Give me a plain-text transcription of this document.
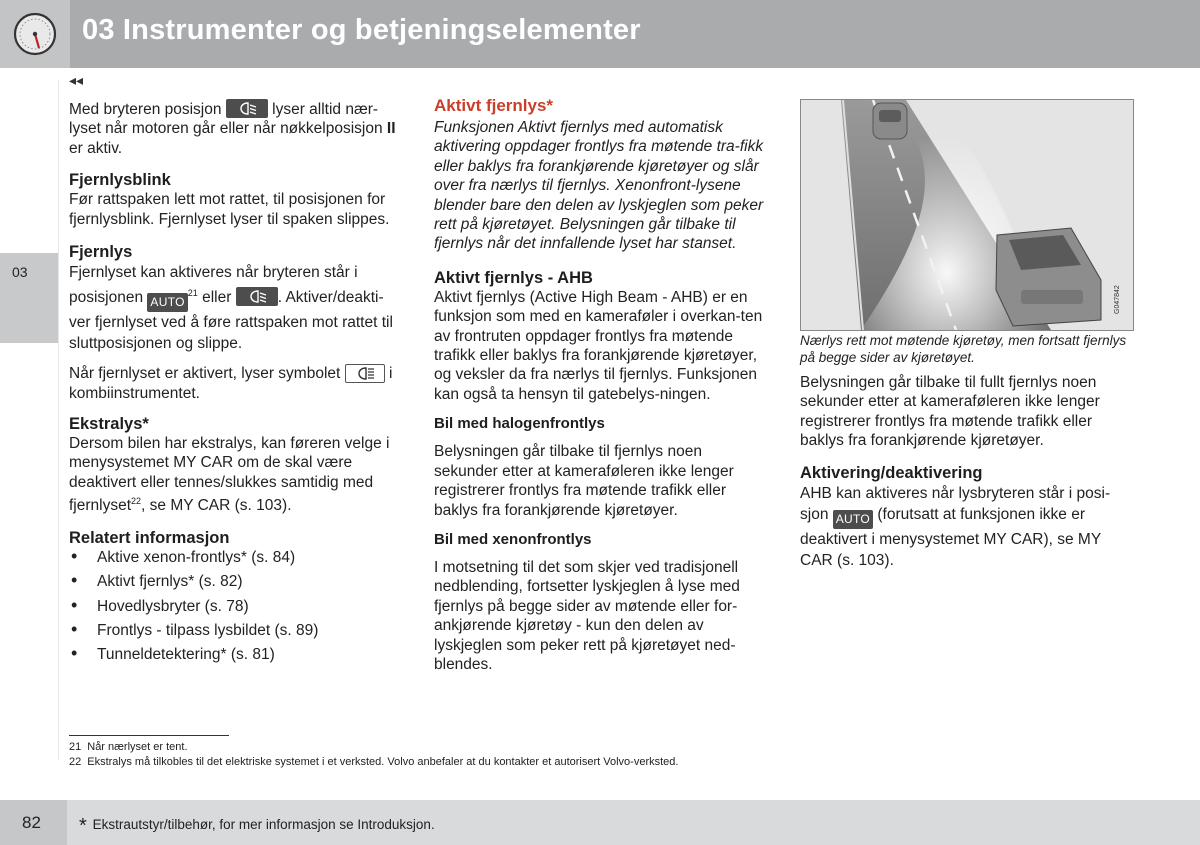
03 Instrumenter og betjeningselementer
◂◂
03

Med bryteren posisjon	lyser alltid nær-lyset når motoren går eller når nøkkelposisjon II er aktiv.

Fjernlysblink

Før rattspaken lett mot rattet, til posisjonen for fjernlysblink. Fjernlyset lyser til spaken slippes.

Fjernlys

Fjernlyset kan aktiveres når bryteren står i posisjonen AUTO$^{21}$ eller	. Aktiver/deakti-ver fjernlyset ved å føre rattspaken mot rattet til sluttposisjonen og slippe.

Når fjernlyset er aktivert, lyser symbolet	i kombiinstrumentet.

Ekstralys*

Dersom bilen har ekstralys, kan føreren velge i menysystemet MY CAR om de skal være deaktivert eller tennes/slukkes samtidig med fjernlyset$^{22}$, se MY CAR (s. 103).

Relatert informasjon
• Aktive xenon-frontlys* (s. 84)
• Aktivt fjernlys* (s. 82)
• Hovedlysbryter (s. 78)
• Frontlys - tilpass lysbildet (s. 89)
• Tunneldetektering* (s. 81)
Aktivt fjernlys*

Funksjonen Aktivt fjernlys med automatisk aktivering oppdager frontlys fra møtende tra-fikk eller baklys fra forankjørende kjøretøyer og slår over fra nærlys til fjernlys. Xenonfront-lysene blender bare den delen av lyskjeglen som peker rett på kjøretøyet. Belysningen går tilbake til fjernlys når det innfallende lyset har stanset.

Aktivt fjernlys - AHB

Aktivt fjernlys (Active High Beam - AHB) er en funksjon som med en kameraføler i overkan-ten av frontruten oppdager frontlys fra møtende trafikk eller baklys fra forankjørende kjøretøyer, og veksler da fra nærlys til fjernlys. Funksjonen kan også ta hensyn til gatebelys-ningen.

Bil med halogenfrontlys

Belysningen går tilbake til fjernlys noen sekunder etter at kameraføleren ikke lenger registrerer frontlys fra møtende trafikk eller baklys fra forankjørende kjøretøyer.

Bil med xenonfrontlys

I motsetning til det som skjer ved tradisjonell nedblending, fortsetter lyskjeglen å lyse med fjernlys på begge sider av møtende eller for-ankjørende kjøretøy - kun den delen av lyskjeglen som peker rett på kjøretøyet ned-blendes.

G047842

Nærlys rett mot møtende kjøretøy, men fortsatt fjernlys på begge sider av kjøretøyet.

Belysningen går tilbake til fullt fjernlys noen sekunder etter at kameraføleren ikke lenger registrerer frontlys fra møtende trafikk eller baklys fra forankjørende kjøretøyer.

Aktivering/deaktivering

AHB kan aktiveres når lysbryteren står i posi-sjon AUTO (forutsatt at funksjonen ikke er deaktivert i menysystemet MY CAR), se MY CAR (s. 103).

21 Når nærlyset er tent.
22 Ekstralys må tilkobles til det elektriske systemet i et verksted. Volvo anbefaler at du kontakter et autorisert Volvo-verksted.
82 * Ekstrautstyr/tilbehør, for mer informasjon se Introduksjon.
